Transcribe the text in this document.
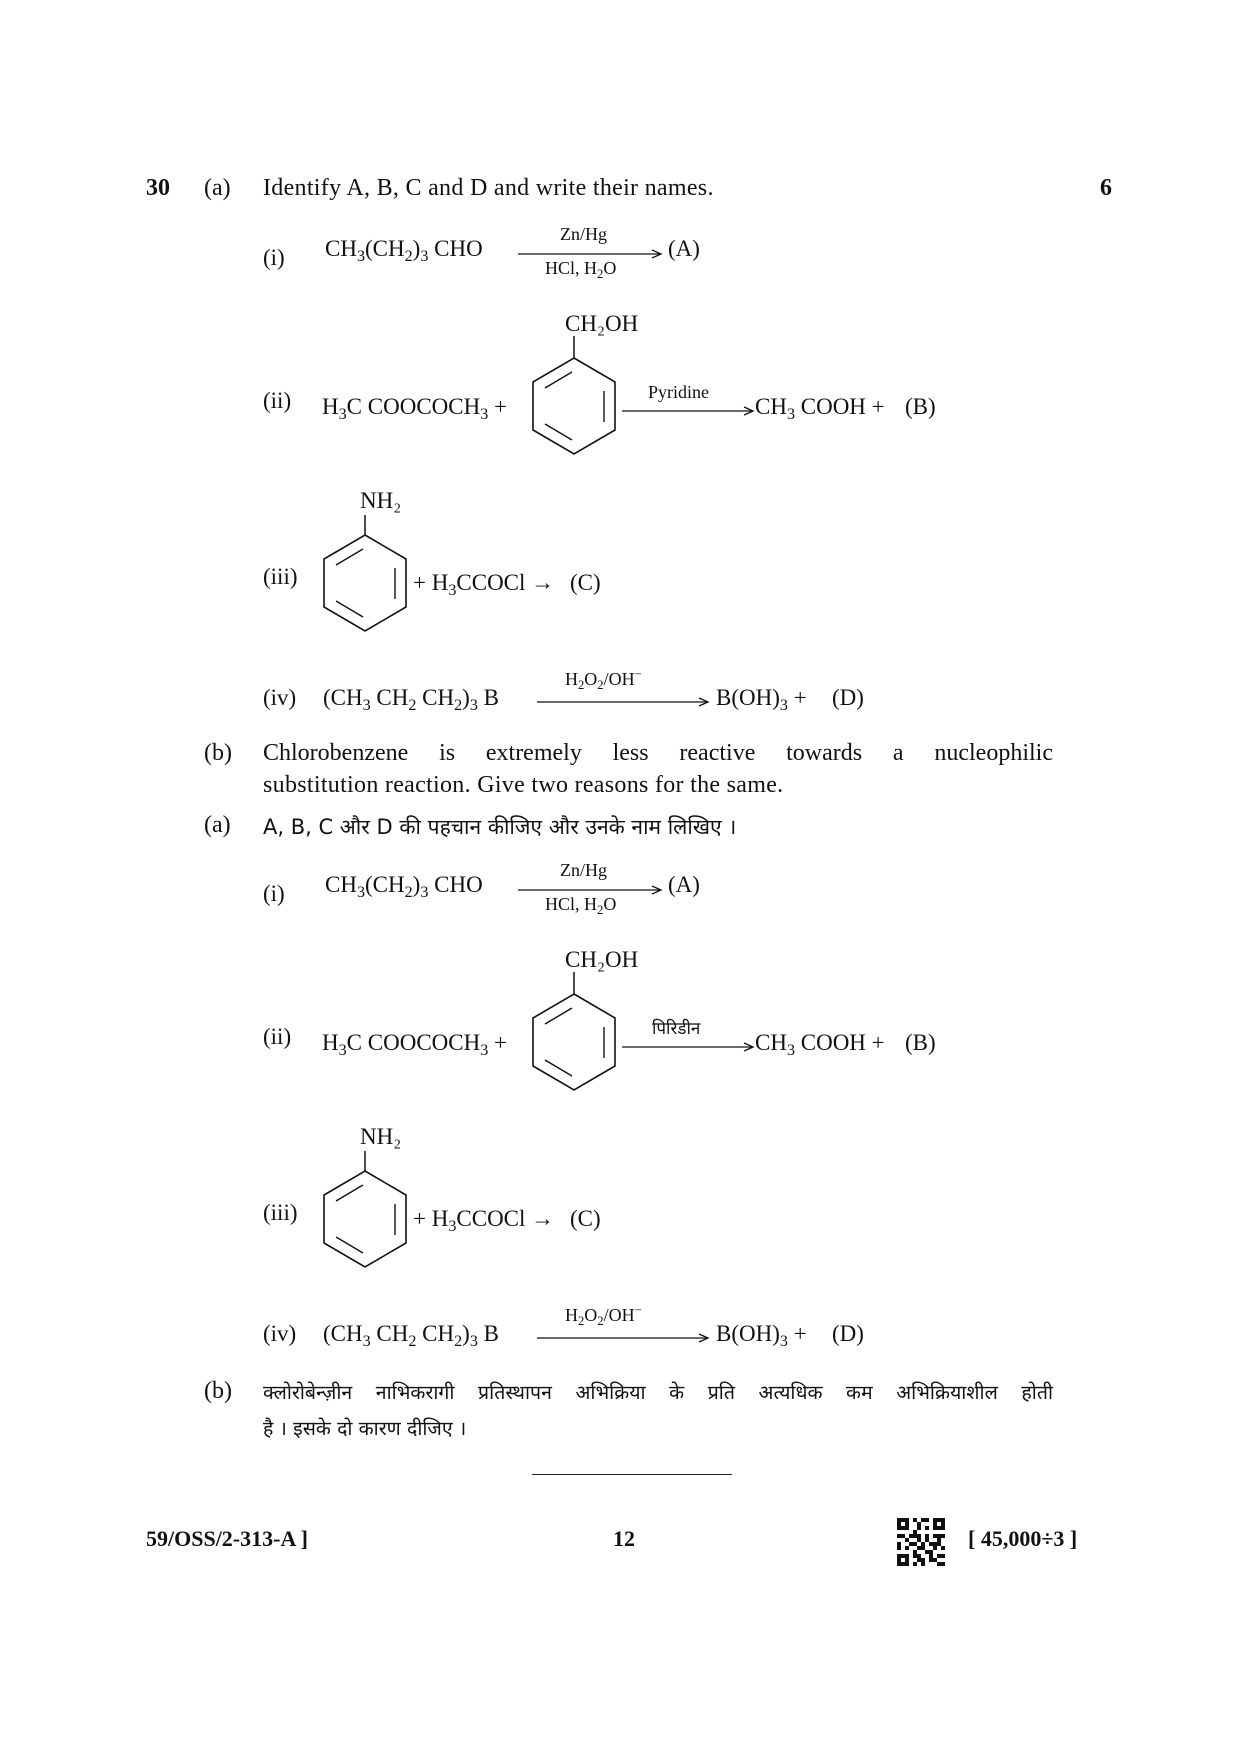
30 (a) Identify A, B, C and D and write their names.	6
(i) $CH_3(CH_2)_3$ CHO
Zn/Hg
HCl, $H_2O$
(A)
CH₂OH
(ii) $H_3C$ $COOCOCH_3$ +
Pyridine
$CH_3$ COOH + (B)
NH₂
(iii)	+ $H_3CCOCl \to (C)$
(iv) ($CH_3$ $CH_2$ $CH_2)_3$ B
$H_2O_2/OH^-$
$B(OH)_3 + (D)$
(b) Chlorobenzene is extremely less reactive towards a nucleophilic
substitution reaction. Give two reasons for the same.
(a) A, B, C और D की पहचान कीजिए और उनके नाम लिखिए ।
(i) $CH_3(CH_2)_3$ CHO
Zn/Hg
HCl, $H_2O$
(A)
CH₂OH
(ii) $H_3C$ $COOCOCH_3$ +
पिरिडीन
$CH_3$ COOH + (B)
NH₂
(iii)	+ $H_3CCOCl \to (C)$
(iv) ($CH_3$ $CH_2$ $CH_2)_3$ B
$H_2O_2/OH^-$
$B(OH)_3 + (D)$
(b) क्लोरोबेन्ज़ीन नाभिकरागी प्रतिस्थापन अभिक्रिया के प्रति अत्यधिक कम अभिक्रियाशील होती
है । इसके दो कारण दीजिए ।
59/OSS/2-313-A ]	12	[ 45,000÷3 ]
